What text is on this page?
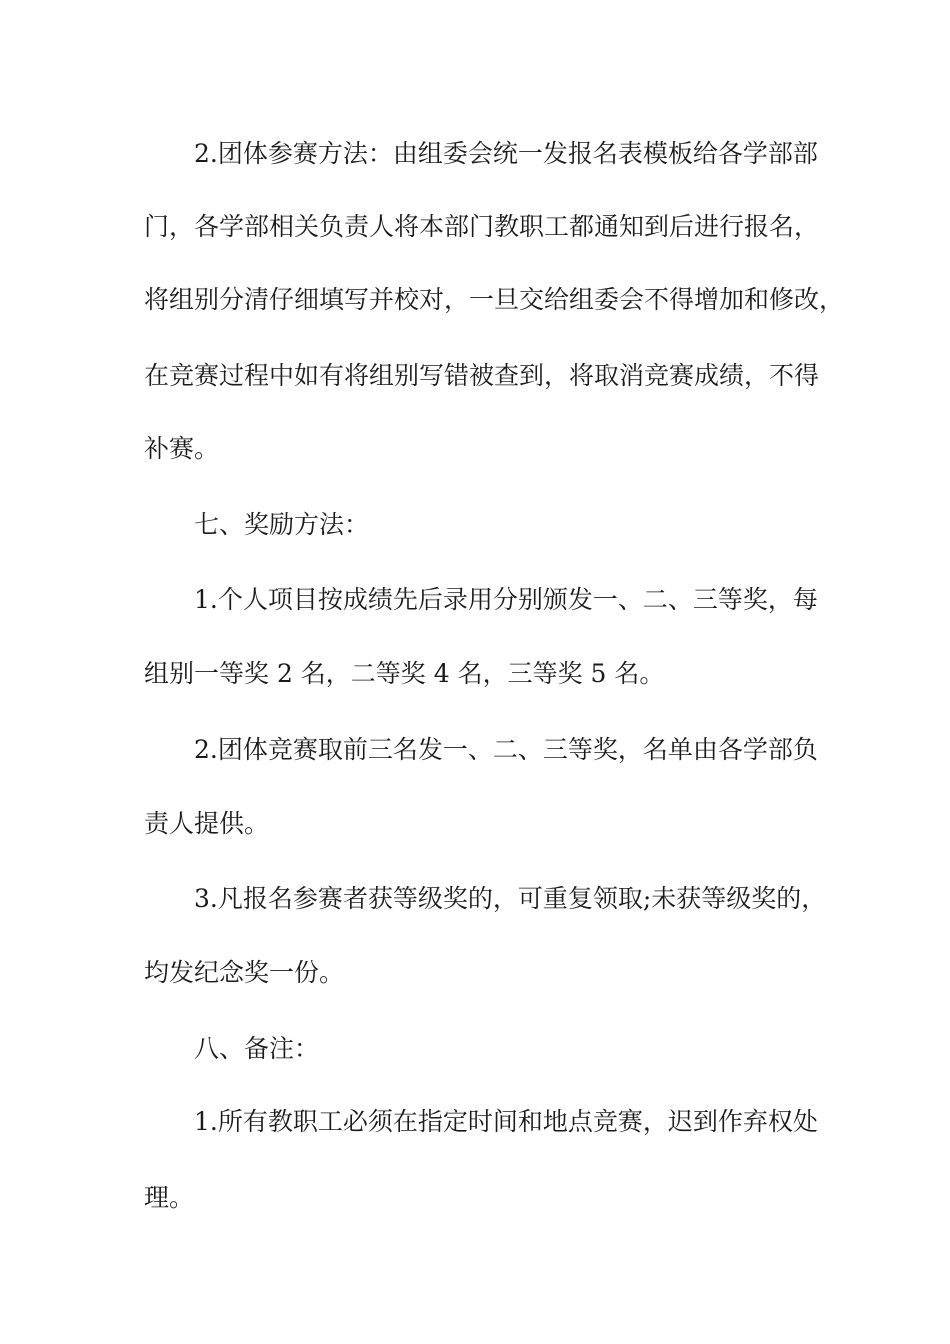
2.团体参赛方法：由组委会统一发报名表模板给各学部部
门，各学部相关负责人将本部门教职工都通知到后进行报名，
将组别分清仔细填写并校对，一旦交给组委会不得增加和修改，
在竞赛过程中如有将组别写错被查到，将取消竞赛成绩，不得
补赛。
七、奖励方法：
1.个人项目按成绩先后录用分别颁发一、二、三等奖，每
组别一等奖 2 名，二等奖 4 名，三等奖 5 名。
2.团体竞赛取前三名发一、二、三等奖，名单由各学部负
责人提供。
3.凡报名参赛者获等级奖的，可重复领取;未获等级奖的，
均发纪念奖一份。
八、备注：
1.所有教职工必须在指定时间和地点竞赛，迟到作弃权处
理。
